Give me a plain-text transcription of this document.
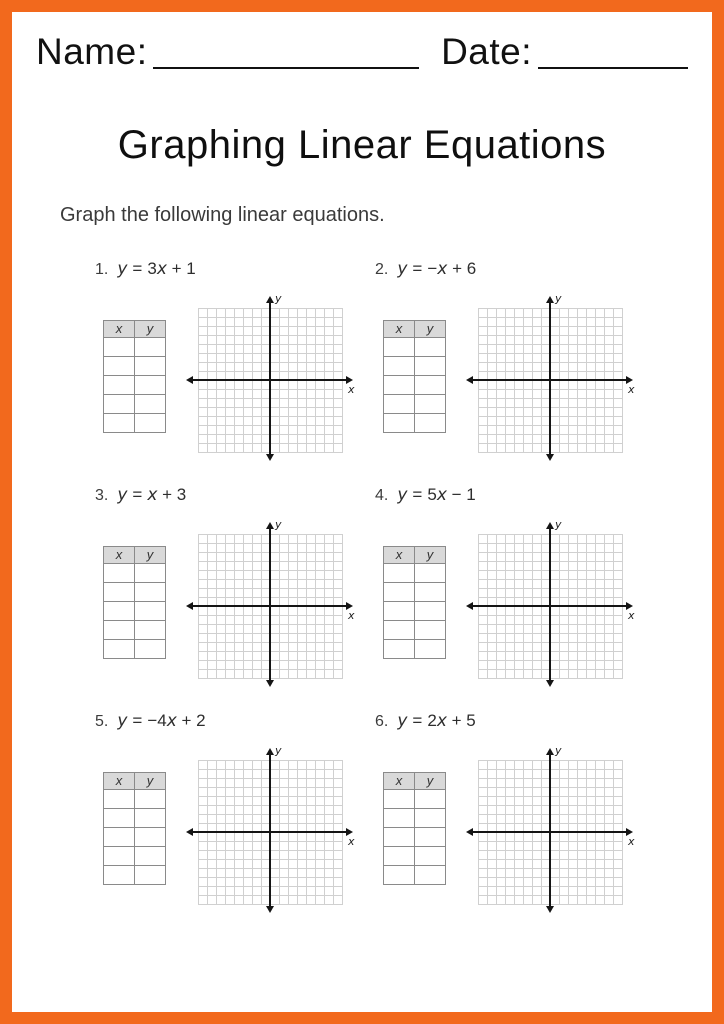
Name:	Date:
Graphing Linear Equations
Graph the following linear equations.
1. y = 3x + 1
x	y

y
x
2. y = −x + 6
x	y

y
x
3. y = x + 3
x	y

y
x
4. y = 5x − 1
x	y

y
x
5. y = −4x + 2
x	y

y
x
6. y = 2x + 5
x	y

y
x
